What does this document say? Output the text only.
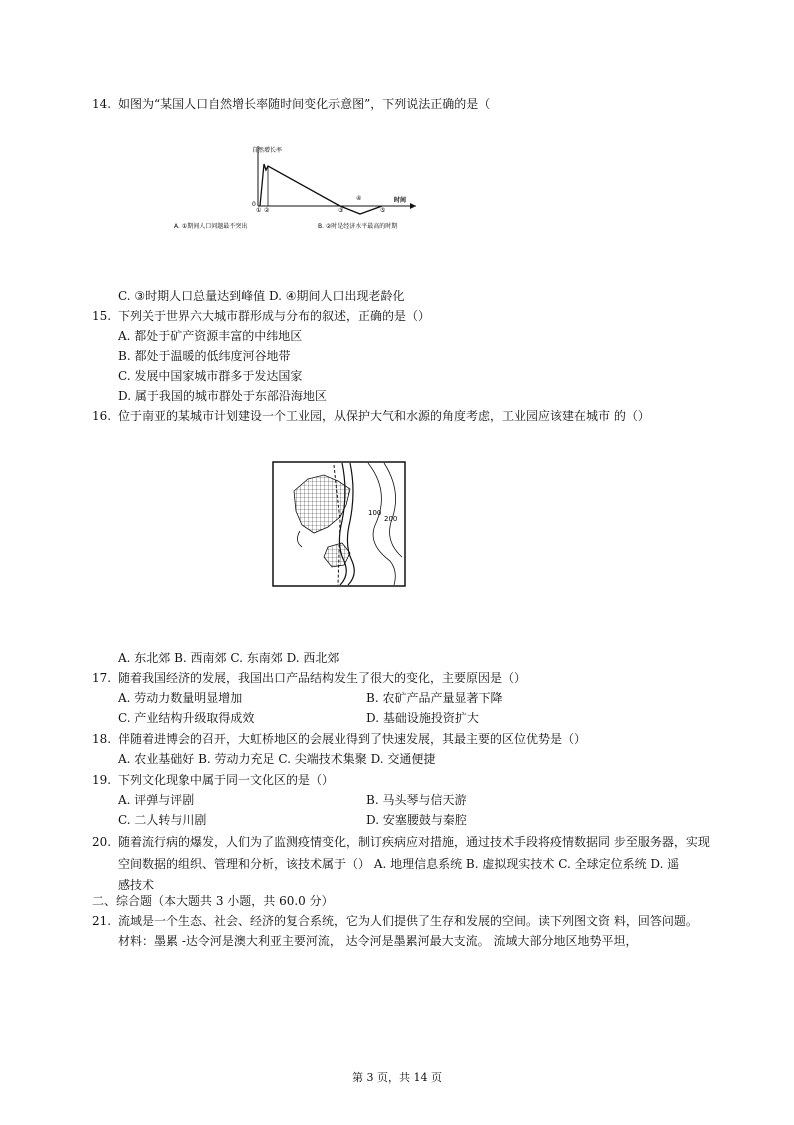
14. 如图为“某国人口自然增长率随时间变化示意图”，下列说法正确的是（
自然增长率
0
时间
① ②	③
④
⑤
A. ①期间人口问题最不突出	B. ②时是经济水平最高的时期
C. ③时期人口总量达到峰值 D. ④期间人口出现老龄化
15. 下列关于世界六大城市群形成与分布的叙述，正确的是（）
A. 都处于矿产资源丰富的中纬地区
B. 都处于温暖的低纬度河谷地带
C. 发展中国家城市群多于发达国家
D. 属于我国的城市群处于东部沿海地区
16. 位于南亚的某城市计划建设一个工业园，从保护大气和水源的角度考虑，工业园应该建在城市 的（）
100
200
A. 东北郊 B. 西南郊 C. 东南郊 D. 西北郊
17. 随着我国经济的发展，我国出口产品结构发生了很大的变化，主要原因是（）
A. 劳动力数量明显增加	B. 农矿产品产量显著下降
C. 产业结构升级取得成效	D. 基础设施投资扩大
18. 伴随着进博会的召开，大虹桥地区的会展业得到了快速发展，其最主要的区位优势是（）
A. 农业基础好 B. 劳动力充足 C. 尖端技术集聚 D. 交通便捷
19. 下列文化现象中属于同一文化区的是（）
A. 评弹与评剧	B. 马头琴与信天游
C. 二人转与川剧	D. 安塞腰鼓与秦腔
20. 随着流行病的爆发，人们为了监测疫情变化，制订疾病应对措施，通过技术手段将疫情数据同 步至服务器，实现
空间数据的组织、管理和分析，该技术属于（） A. 地理信息系统 B. 虚拟现实技术 C. 全球定位系统 D. 遥
感技术
二、综合题（本大题共 3 小题，共 60.0 分）
21. 流域是一个生态、社会、经济的复合系统，它为人们提供了生存和发展的空间。读下列图文资 料，回答问题。
材料：墨累 -达令河是澳大利亚主要河流， 达令河是墨累河最大支流。 流域大部分地区地势平坦，
第 3 页，共 14 页
